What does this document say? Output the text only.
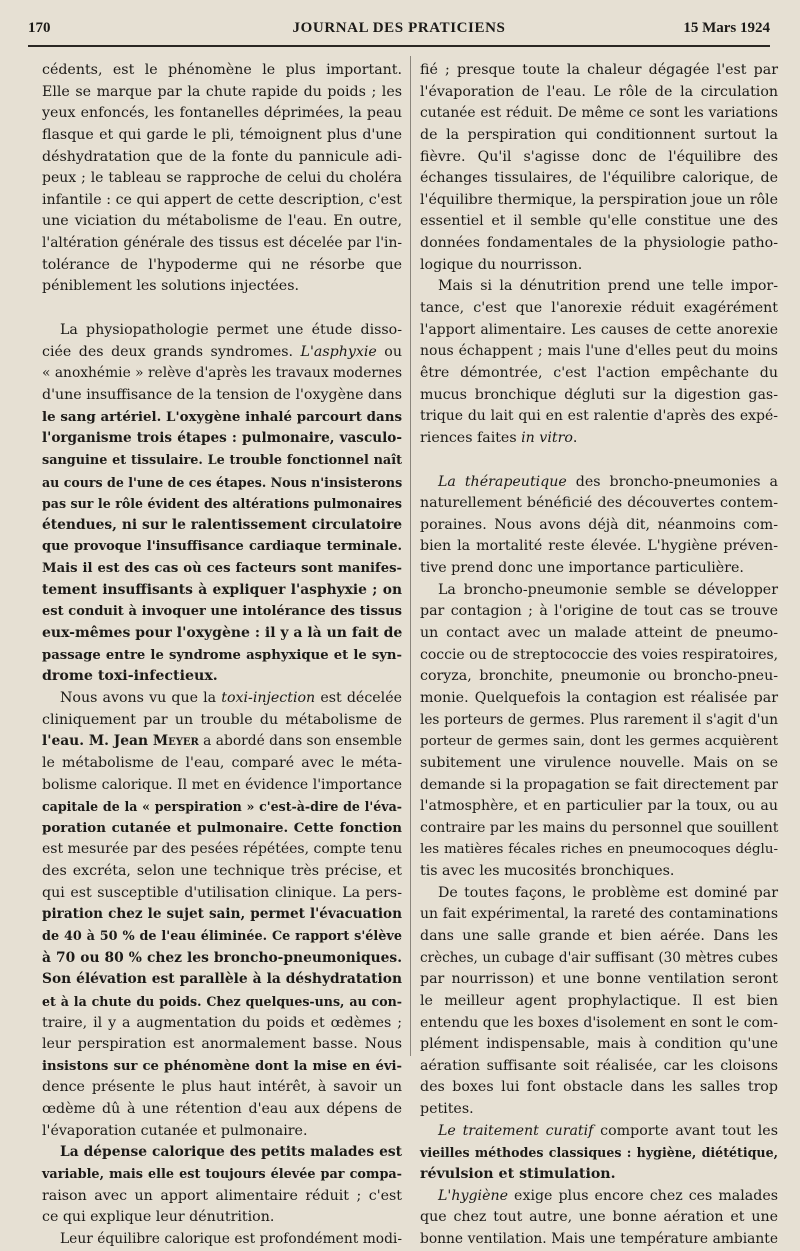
170	JOURNAL DES PRATICIENS	15 Mars 1924
cédents, est le phénomène le plus important.
Elle se marque par la chute rapide du poids ; les
yeux enfoncés, les fontanelles déprimées, la peau
flasque et qui garde le pli, témoignent plus d'une
déshydratation que de la fonte du pannicule adi-
peux ; le tableau se rapproche de celui du choléra
infantile : ce qui appert de cette description, c'est
une viciation du métabolisme de l'eau. En outre,
l'altération générale des tissus est décelée par l'in-
tolérance de l'hypoderme qui ne résorbe que
péniblement les solutions injectées.
La physiopathologie permet une étude disso-
ciée des deux grands syndromes. L'asphyxie ou
« anoxhémie » relève d'après les travaux modernes
d'une insuffisance de la tension de l'oxygène dans
le sang artériel. L'oxygène inhalé parcourt dans
l'organisme trois étapes : pulmonaire, vasculo-
sanguine et tissulaire. Le trouble fonctionnel naît
au cours de l'une de ces étapes. Nous n'insisterons
pas sur le rôle évident des altérations pulmonaires
étendues, ni sur le ralentissement circulatoire
que provoque l'insuffisance cardiaque terminale.
Mais il est des cas où ces facteurs sont manifes-
tement insuffisants à expliquer l'asphyxie ; on
est conduit à invoquer une intolérance des tissus
eux-mêmes pour l'oxygène : il y a là un fait de
passage entre le syndrome asphyxique et le syn-
drome toxi-infectieux.
Nous avons vu que la toxi-injection est décelée
cliniquement par un trouble du métabolisme de
l'eau. M. Jean Meyer a abordé dans son ensemble
le métabolisme de l'eau, comparé avec le méta-
bolisme calorique. Il met en évidence l'importance
capitale de la « perspiration » c'est-à-dire de l'éva-
poration cutanée et pulmonaire. Cette fonction
est mesurée par des pesées répétées, compte tenu
des excréta, selon une technique très précise, et
qui est susceptible d'utilisation clinique. La pers-
piration chez le sujet sain, permet l'évacuation
de 40 à 50 % de l'eau éliminée. Ce rapport s'élève
à 70 ou 80 % chez les broncho-pneumoniques.
Son élévation est parallèle à la déshydratation
et à la chute du poids. Chez quelques-uns, au con-
traire, il y a augmentation du poids et œdèmes ;
leur perspiration est anormalement basse. Nous
insistons sur ce phénomène dont la mise en évi-
dence présente le plus haut intérêt, à savoir un
œdème dû à une rétention d'eau aux dépens de
l'évaporation cutanée et pulmonaire.
La dépense calorique des petits malades est
variable, mais elle est toujours élevée par compa-
raison avec un apport alimentaire réduit ; c'est
ce qui explique leur dénutrition.
Leur équilibre calorique est profondément modi-
fié ; presque toute la chaleur dégagée l'est par
l'évaporation de l'eau. Le rôle de la circulation
cutanée est réduit. De même ce sont les variations
de la perspiration qui conditionnent surtout la
fièvre. Qu'il s'agisse donc de l'équilibre des
échanges tissulaires, de l'équilibre calorique, de
l'équilibre thermique, la perspiration joue un rôle
essentiel et il semble qu'elle constitue une des
données fondamentales de la physiologie patho-
logique du nourrisson.
Mais si la dénutrition prend une telle impor-
tance, c'est que l'anorexie réduit exagérément
l'apport alimentaire. Les causes de cette anorexie
nous échappent ; mais l'une d'elles peut du moins
être démontrée, c'est l'action empêchante du
mucus bronchique dégluti sur la digestion gas-
trique du lait qui en est ralentie d'après des expé-
riences faites in vitro.
La thérapeutique des broncho-pneumonies a
naturellement bénéficié des découvertes contem-
poraines. Nous avons déjà dit, néanmoins com-
bien la mortalité reste élevée. L'hygiène préven-
tive prend donc une importance particulière.
La broncho-pneumonie semble se développer
par contagion ; à l'origine de tout cas se trouve
un contact avec un malade atteint de pneumo-
coccie ou de streptococcie des voies respiratoires,
coryza, bronchite, pneumonie ou broncho-pneu-
monie. Quelquefois la contagion est réalisée par
les porteurs de germes. Plus rarement il s'agit d'un
porteur de germes sain, dont les germes acquièrent
subitement une virulence nouvelle. Mais on se
demande si la propagation se fait directement par
l'atmosphère, et en particulier par la toux, ou au
contraire par les mains du personnel que souillent
les matières fécales riches en pneumocoques déglu-
tis avec les mucosités bronchiques.
De toutes façons, le problème est dominé par
un fait expérimental, la rareté des contaminations
dans une salle grande et bien aérée. Dans les
crèches, un cubage d'air suffisant (30 mètres cubes
par nourrisson) et une bonne ventilation seront
le meilleur agent prophylactique. Il est bien
entendu que les boxes d'isolement en sont le com-
plément indispensable, mais à condition qu'une
aération suffisante soit réalisée, car les cloisons
des boxes lui font obstacle dans les salles trop
petites.
Le traitement curatif comporte avant tout les
vieilles méthodes classiques : hygiène, diététique,
révulsion et stimulation.
L'hygiène exige plus encore chez ces malades
que chez tout autre, une bonne aération et une
bonne ventilation. Mais une température ambiante
